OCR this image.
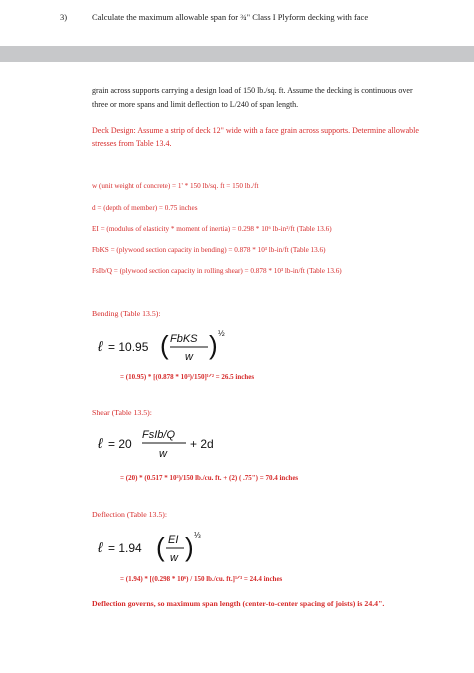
3)	Calculate the maximum allowable span for ¾" Class I Plyform decking with face
grain across supports carrying a design load of 150 lb./sq. ft. Assume the decking is continuous over three or more spans and limit deflection to L/240 of span length.
Deck Design: Assume a strip of deck 12" wide with a face grain across supports. Determine allowable stresses from Table 13.4.
w (unit weight of concrete) = 1' * 150 lb/sq. ft = 150 lb./ft
d = (depth of member) = 0.75 inches
EI = (modulus of elasticity * moment of inertia) = 0.298 * 10⁶ lb-in²/ft (Table 13.6)
FbKS = (plywood section capacity in bending) = 0.878 * 10³ lb-in/ft (Table 13.6)
FsIb/Q = (plywood section capacity in rolling shear) = 0.878 * 10³ lb-in/ft (Table 13.6)
Bending (Table 13.5):
ℓ = 10.95 ( FbKS
w ) ½
= (10.95) * [(0.878 * 10³)/150]¹ᐟ² = 26.5 inches
Shear (Table 13.5):
ℓ = 20
FsIb/Q
w
+ 2d
= (20) * (0.517 * 10³)/150 lb./cu. ft. + (2) ( .75") = 70.4 inches
Deflection (Table 13.5):
ℓ = 1.94 ( EI
w ) ⅓
= (1.94) * [(0.298 * 10⁶) / 150 lb./cu. ft.]¹ᐟ³ = 24.4 inches
Deflection governs, so maximum span length (center-to-center spacing of joists) is 24.4".
